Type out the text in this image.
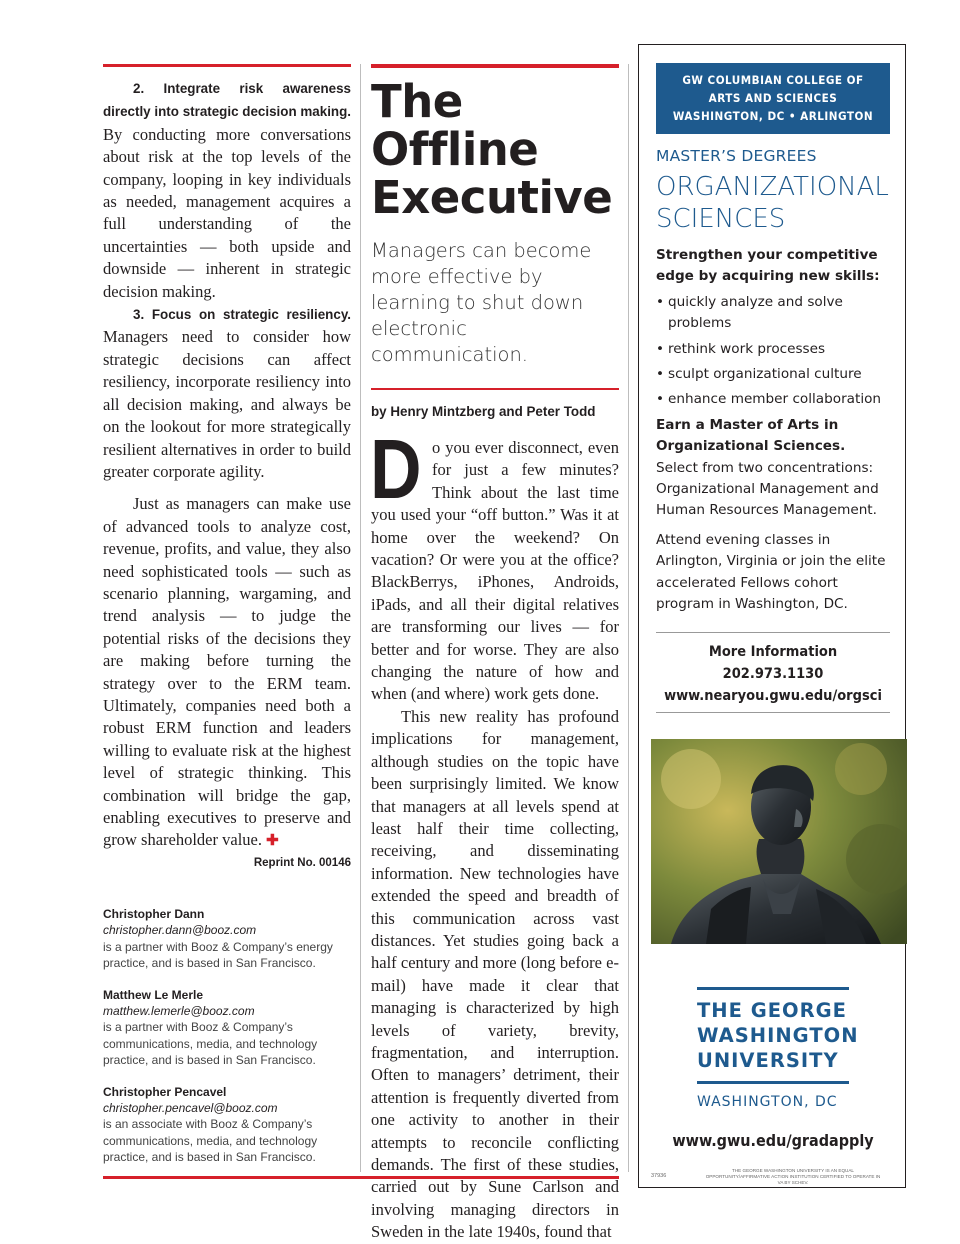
2. Integrate risk awareness directly into strategic decision making. By conducting more conversations about risk at the top levels of the company, looping in key individuals as needed, management acquires a full understanding of the uncertainties — both upside and downside — inherent in strategic decision making.

3. Focus on strategic resiliency. Managers need to consider how strategic decisions can affect resiliency, incorporate resiliency into all decision making, and always be on the lookout for more strategically resilient alternatives in order to build greater corporate agility.

Just as managers can make use of advanced tools to analyze cost, revenue, profits, and value, they also need sophisticated tools — such as scenario planning, wargaming, and trend analysis — to judge the potential risks of the decisions they are making before turning the strategy over to the ERM team. Ultimately, companies need both a robust ERM function and leaders willing to evaluate risk at the highest level of strategic thinking. This combination will bridge the gap, enabling executives to preserve and grow shareholder value. ✚

Reprint No. 00146
Christopher Dann
christopher.dann@booz.com
is a partner with Booz & Company’s energy practice, and is based in San Francisco.
Matthew Le Merle
matthew.lemerle@booz.com
is a partner with Booz & Company’s communications, media, and technology practice, and is based in San Francisco.
Christopher Pencavel
christopher.pencavel@booz.com
is an associate with Booz & Company’s communications, media, and technology practice, and is based in San Francisco.
The Offline
Executive
Managers can become more effective by learning to shut down electronic communication.
by Henry Mintzberg and Peter Todd

Do you ever disconnect, even for just a few minutes? Think about the last time you used your “off button.” Was it at home over the weekend? On vacation? Or were you at the office? BlackBerrys, iPhones, Androids, iPads, and all their digital relatives are transforming our lives — for better and for worse. They are also changing the nature of how and when (and where) work gets done.

This new reality has profound implications for management, although studies on the topic have been surprisingly limited. We know that managers at all levels spend at least half their time collecting, receiving, and disseminating information. New technologies have extended the speed and breadth of this communication across vast distances. Yet studies going back a half century and more (long before e-mail) have made it clear that managing is characterized by high levels of variety, brevity, fragmentation, and interruption. Often to managers’ detriment, their attention is frequently diverted from one activity to another in their attempts to reconcile conflicting demands. The first of these studies, carried out by Sune Carlson and involving managing directors in Sweden in the late 1940s, found that

GW COLUMBIAN COLLEGE OF
ARTS AND SCIENCES
WASHINGTON, DC • ARLINGTON
MASTER’S DEGREES
ORGANIZATIONAL
SCIENCES
Strengthen your competitive edge by acquiring new skills:
• quickly analyze and solve problems
• rethink work processes
• sculpt organizational culture
• enhance member collaboration
Earn a Master of Arts in Organizational Sciences.

Select from two concentrations: Organizational Management and Human Resources Management.

Attend evening classes in Arlington, Virginia or join the elite accelerated Fellows cohort program in Washington, DC.

More Information
202.973.1130
www.nearyou.gwu.edu/orgsci
THE GEORGE
WASHINGTON
UNIVERSITY
WASHINGTON, DC
www.gwu.edu/gradapply
37936
THE GEORGE WASHINGTON UNIVERSITY IS AN EQUAL OPPORTUNITY/AFFIRMATIVE ACTION INSTITUTION CERTIFIED TO OPERATE IN VA BY SCHEV.
